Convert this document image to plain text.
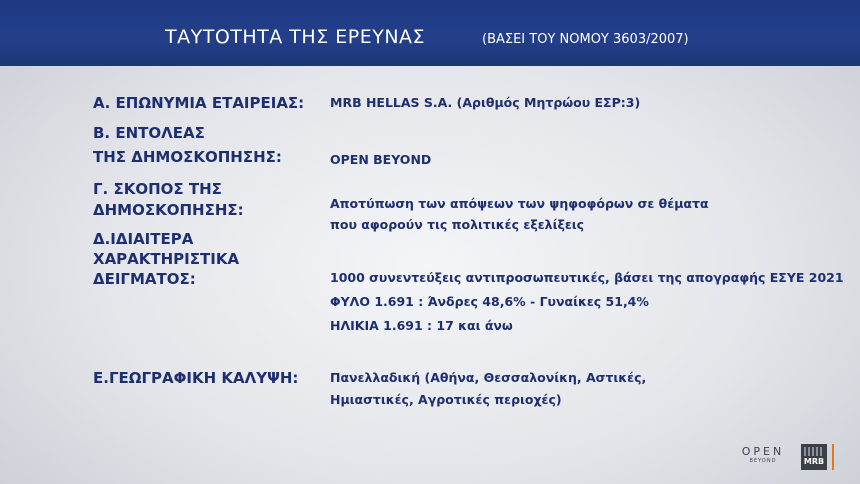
ΤΑΥΤΟΤΗΤΑ ΤΗΣ ΕΡΕΥΝΑΣ	(ΒΑΣΕΙ ΤΟΥ ΝΟΜΟΥ 3603/2007)
Α. ΕΠΩΝΥΜΙΑ ΕΤΑΙΡΕΙΑΣ: MRB HELLAS S.A. (Αριθμός Μητρώου ΕΣΡ:3)
Β. ΕΝΤΟΛΕΑΣ
ΤΗΣ ΔΗΜΟΣΚΟΠΗΣΗΣ:	OPEN BEYOND
Γ. ΣΚΟΠΟΣ ΤΗΣ
ΔΗΜΟΣΚΟΠΗΣΗΣ:	Αποτύπωση των απόψεων των ψηφοφόρων σε θέματα
που αφορούν τις πολιτικές εξελίξεις
Δ.ΙΔΙΑΙΤΕΡΑ
ΧΑΡΑΚΤΗΡΙΣΤΙΚΑ
ΔΕΙΓΜΑΤΟΣ:	1000 συνεντεύξεις αντιπροσωπευτικές, βάσει της απογραφής ΕΣΥΕ 2021
ΦΥΛΟ 1.691 : Άνδρες 48,6% - Γυναίκες 51,4%
ΗΛΙΚΙΑ 1.691 : 17 και άνω
Ε.ΓΕΩΓΡΑΦΙΚΗ ΚΑΛΥΨΗ:	Πανελλαδική (Αθήνα, Θεσσαλονίκη, Αστικές,
Ημιαστικές, Αγροτικές περιοχές)
OPEN
BEYOND	MRB
